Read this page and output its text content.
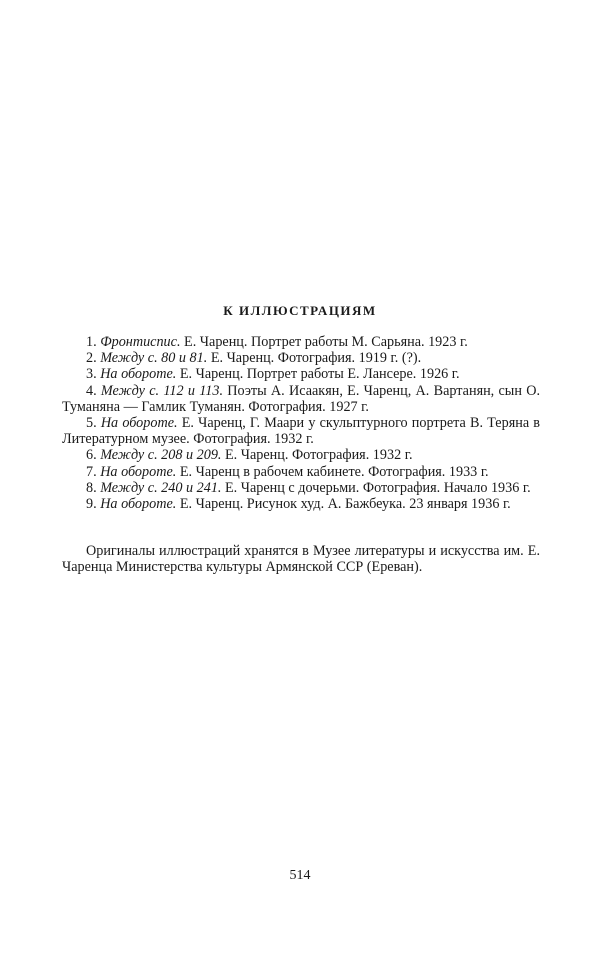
К ИЛЛЮСТРАЦИЯМ

1. Фронтиспис. Е. Чаренц. Портрет работы М. Сарьяна. 1923 г.

2. Между с. 80 и 81. Е. Чаренц. Фотография. 1919 г. (?).

3. На обороте. Е. Чаренц. Портрет работы Е. Лансере. 1926 г.

4. Между с. 112 и 113. Поэты А. Исаакян, Е. Чаренц, А. Вартанян, сын О. Туманяна — Гамлик Туманян. Фотография. 1927 г.

5. На обороте. Е. Чаренц, Г. Маари у скульптурного портрета В. Теряна в Литературном музее. Фотография. 1932 г.

6. Между с. 208 и 209. Е. Чаренц. Фотография. 1932 г.

7. На обороте. Е. Чаренц в рабочем кабинете. Фотография. 1933 г.

8. Между с. 240 и 241. Е. Чаренц с дочерьми. Фотография. Начало 1936 г.

9. На обороте. Е. Чаренц. Рисунок худ. А. Бажбеука. 23 января 1936 г.

Оригиналы иллюстраций хранятся в Музее литературы и искусства им. Е. Чаренца Министерства культуры Армянской ССР (Ереван).

514
